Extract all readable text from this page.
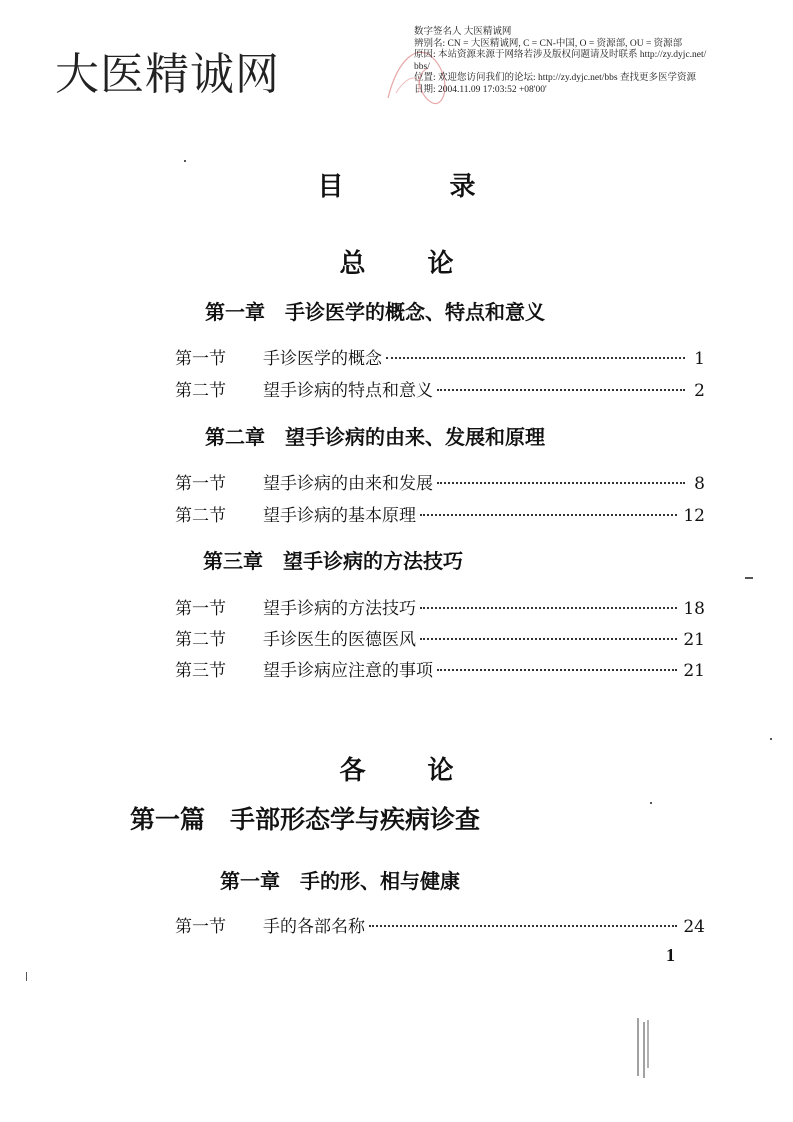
大医精诚网
数字签名人 大医精诚网
辨别名: CN = 大医精诚网, C = CN-中国, O = 资源部, OU = 资源部
原因: 本站资源来源于网络若涉及版权问题请及时联系 http://zy.dyjc.net/
bbs/
位置: 欢迎您访问我们的论坛: http://zy.dyjc.net/bbs 查找更多医学资源
日期: 2004.11.09 17:03:52 +08'00'
目　录
总　论
第一章　手诊医学的概念、特点和意义
第一节	手诊医学的概念	1
第二节	望手诊病的特点和意义	2
第二章　望手诊病的由来、发展和原理
第一节	望手诊病的由来和发展	8
第二节	望手诊病的基本原理	12
第三章　望手诊病的方法技巧
第一节	望手诊病的方法技巧	18
第二节	手诊医生的医德医风	21
第三节	望手诊病应注意的事项	21
各　论
第一篇　手部形态学与疾病诊查
第一章　手的形、相与健康
第一节	手的各部名称	24
1
